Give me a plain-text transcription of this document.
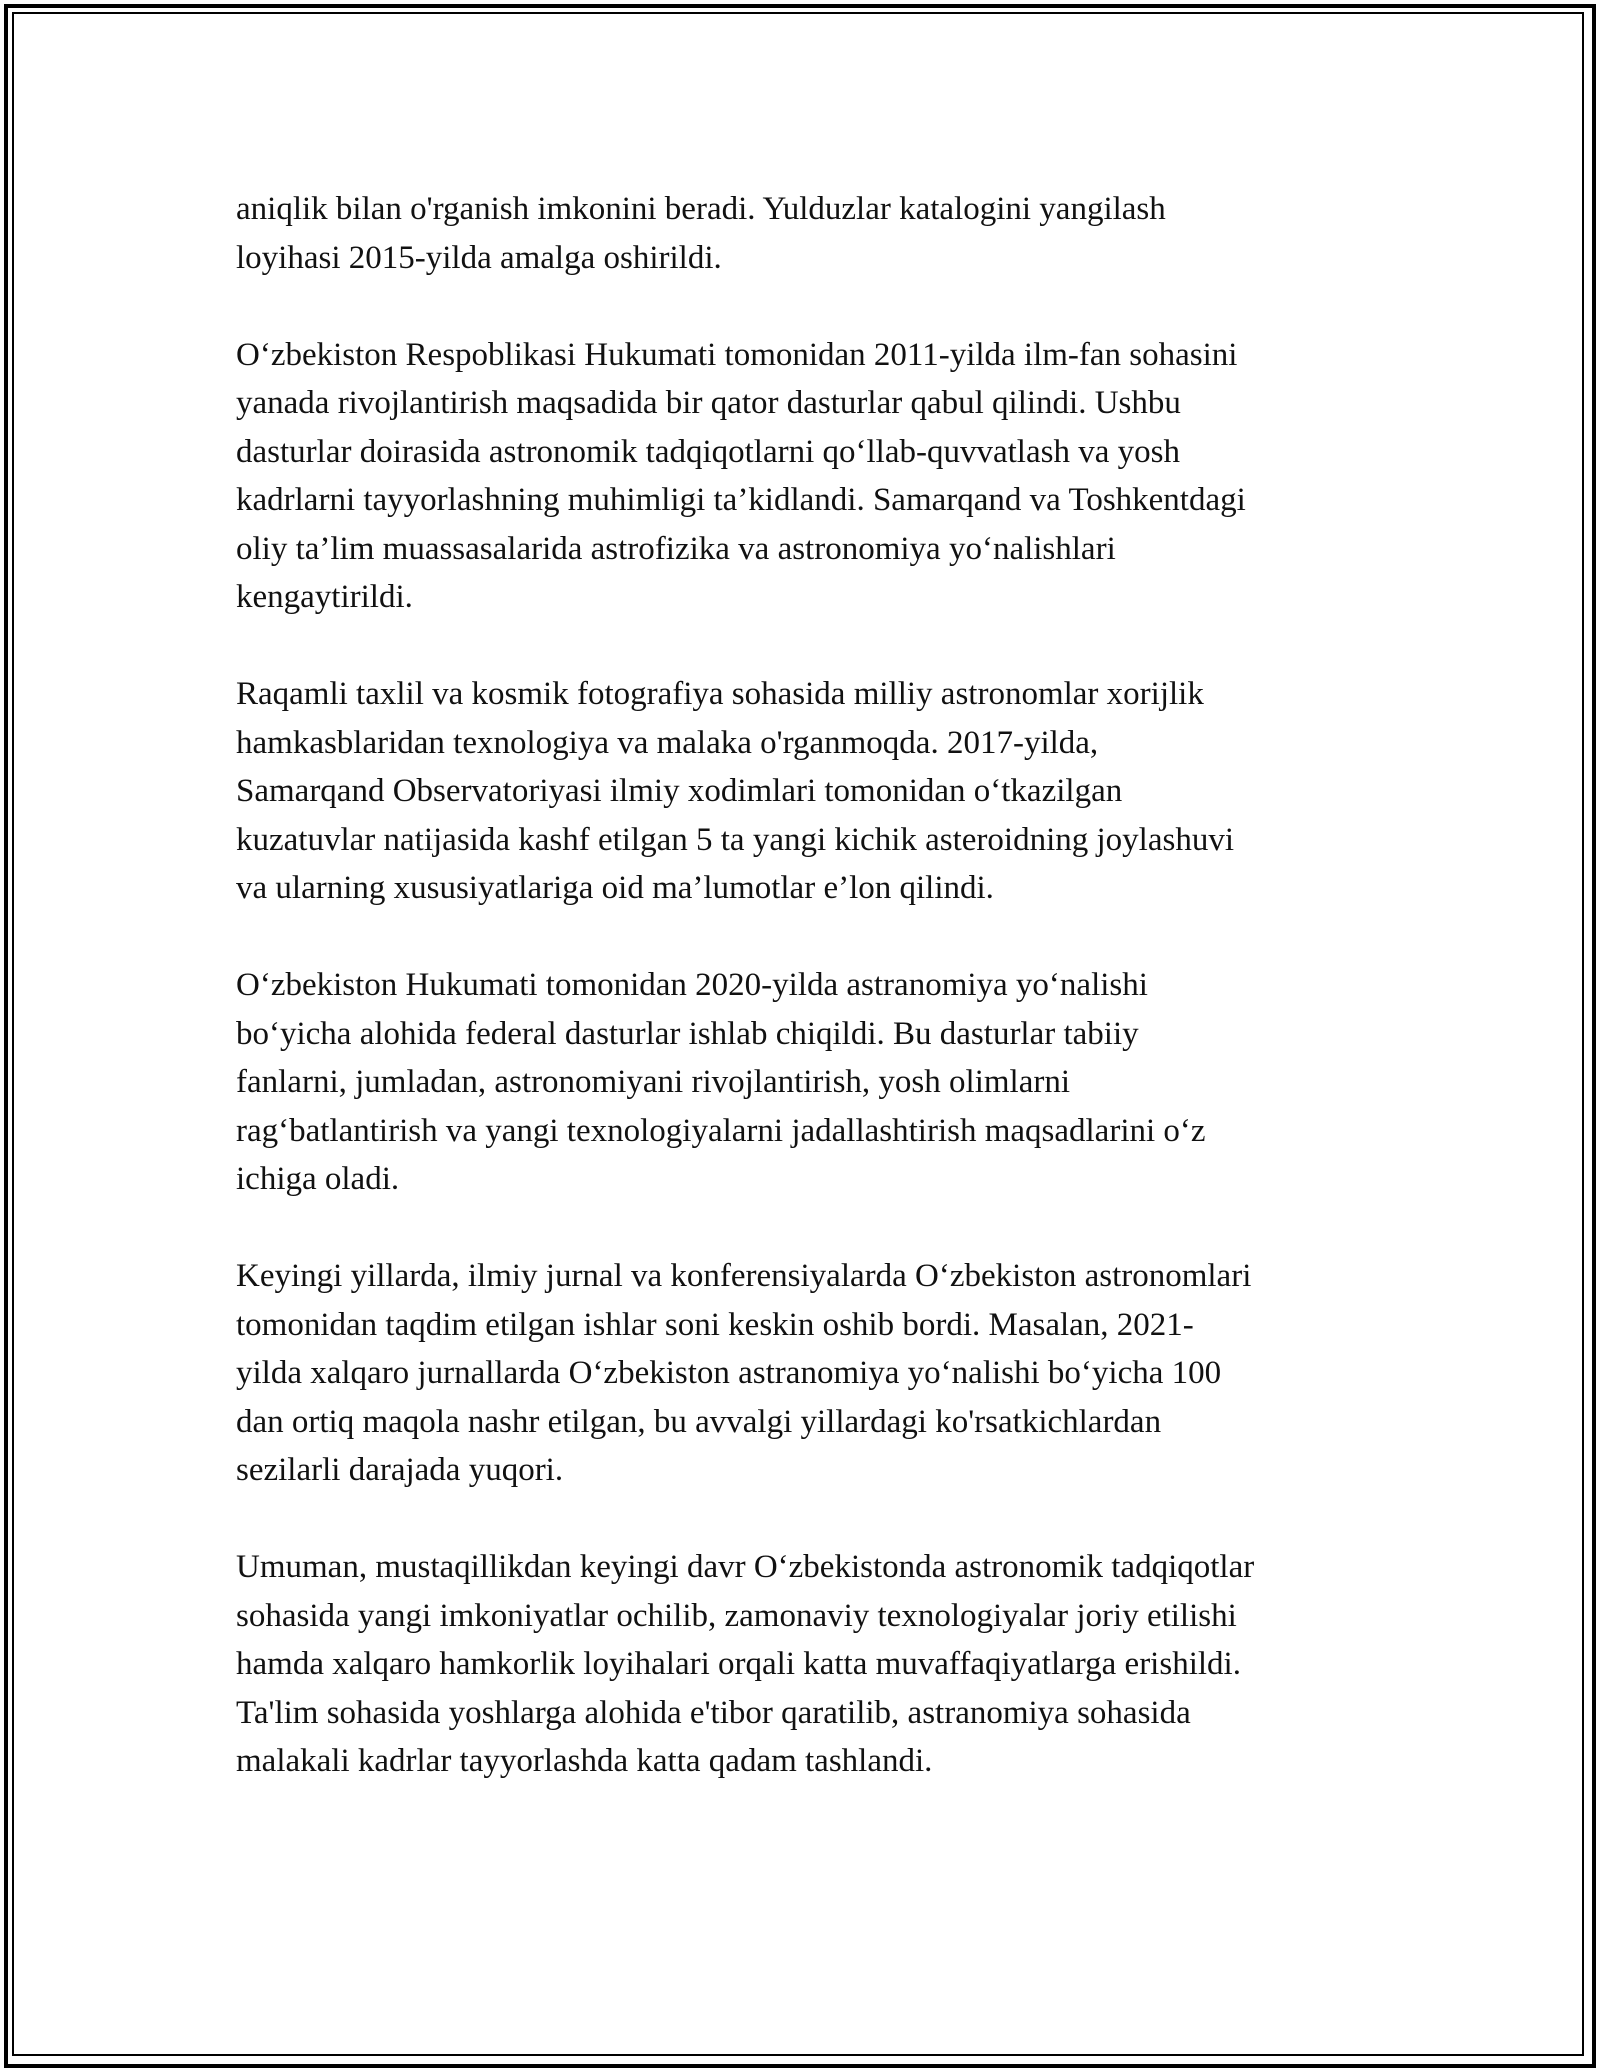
aniqlik bilan o'rganish imkonini beradi. Yulduzlar katalogini yangilash
loyihasi 2015-yilda amalga oshirildi.

O‘zbekiston Respoblikasi Hukumati tomonidan 2011-yilda ilm-fan sohasini
yanada rivojlantirish maqsadida bir qator dasturlar qabul qilindi. Ushbu
dasturlar doirasida astronomik tadqiqotlarni qo‘llab-quvvatlash va yosh
kadrlarni tayyorlashning muhimligi ta’kidlandi. Samarqand va Toshkentdagi
oliy ta’lim muassasalarida astrofizika va astronomiya yo‘nalishlari
kengaytirildi.

Raqamli taxlil va kosmik fotografiya sohasida milliy astronomlar xorijlik
hamkasblaridan texnologiya va malaka o'rganmoqda. 2017-yilda,
Samarqand Observatoriyasi ilmiy xodimlari tomonidan o‘tkazilgan
kuzatuvlar natijasida kashf etilgan 5 ta yangi kichik asteroidning joylashuvi
va ularning xususiyatlariga oid ma’lumotlar e’lon qilindi.

O‘zbekiston Hukumati tomonidan 2020-yilda astranomiya yo‘nalishi
bo‘yicha alohida federal dasturlar ishlab chiqildi. Bu dasturlar tabiiy
fanlarni, jumladan, astronomiyani rivojlantirish, yosh olimlarni
rag‘batlantirish va yangi texnologiyalarni jadallashtirish maqsadlarini o‘z
ichiga oladi.

Keyingi yillarda, ilmiy jurnal va konferensiyalarda O‘zbekiston astronomlari
tomonidan taqdim etilgan ishlar soni keskin oshib bordi. Masalan, 2021-
yilda xalqaro jurnallarda O‘zbekiston astranomiya yo‘nalishi bo‘yicha 100
dan ortiq maqola nashr etilgan, bu avvalgi yillardagi ko'rsatkichlardan
sezilarli darajada yuqori.

Umuman, mustaqillikdan keyingi davr O‘zbekistonda astronomik tadqiqotlar
sohasida yangi imkoniyatlar ochilib, zamonaviy texnologiyalar joriy etilishi
hamda xalqaro hamkorlik loyihalari orqali katta muvaffaqiyatlarga erishildi.
Ta'lim sohasida yoshlarga alohida e'tibor qaratilib, astranomiya sohasida
malakali kadrlar tayyorlashda katta qadam tashlandi.
